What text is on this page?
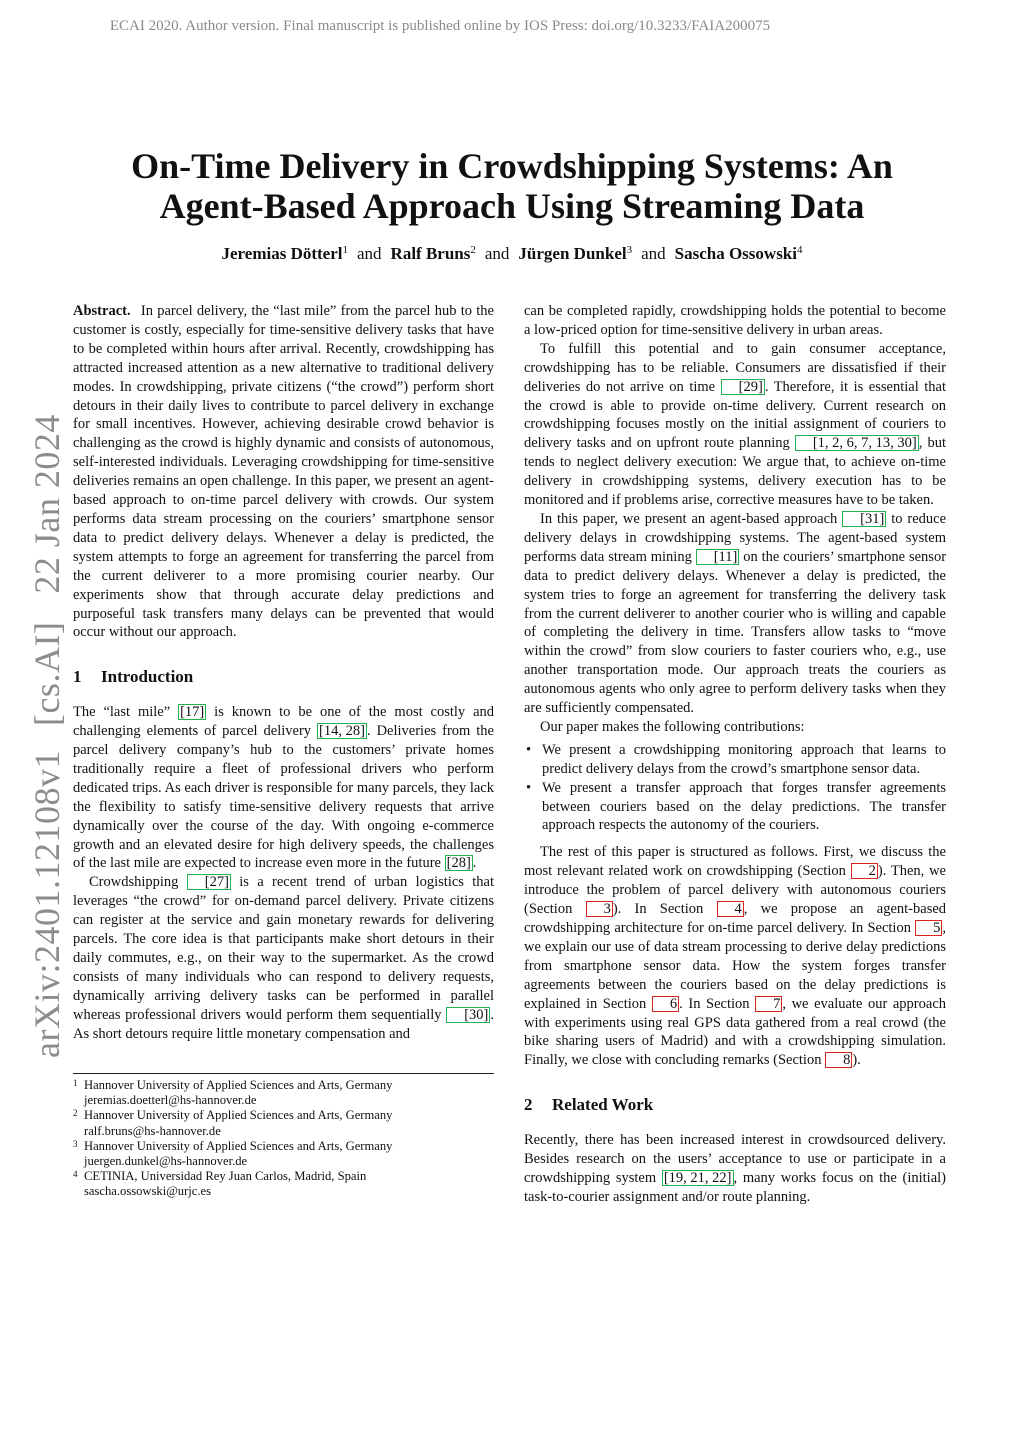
ECAI 2020. Author version. Final manuscript is published online by IOS Press: doi.org/10.3233/FAIA200075
arXiv:2401.12108v1[cs.AI]22 Jan 2024
On-Time Delivery in Crowdshipping Systems: An
Agent-Based Approach Using Streaming Data
Jeremias Dötterl$^1$ and Ralf Bruns$^2$ and Jürgen Dunkel$^3$ and Sascha Ossowski$^4$

Abstract. In parcel delivery, the “last mile” from the parcel hub to the customer is costly, especially for time-sensitive delivery tasks that have to be completed within hours after arrival. Recently, crowdshipping has attracted increased attention as a new alternative to traditional delivery modes. In crowdshipping, private citizens (“the crowd”) perform short detours in their daily lives to contribute to parcel delivery in exchange for small incentives. However, achieving desirable crowd behavior is challenging as the crowd is highly dynamic and consists of autonomous, self-interested individuals. Leveraging crowdshipping for time-sensitive deliveries remains an open challenge. In this paper, we present an agent-based approach to on-time parcel delivery with crowds. Our system performs data stream processing on the couriers’ smartphone sensor data to predict delivery delays. Whenever a delay is predicted, the system attempts to forge an agreement for transferring the parcel from the current deliverer to a more promising courier nearby. Our experiments show that through accurate delay predictions and purposeful task transfers many delays can be prevented that would occur without our approach.

1 Introduction

The “last mile” [17] is known to be one of the most costly and challenging elements of parcel delivery [14, 28] . Deliveries from the parcel delivery company’s hub to the customers’ private homes traditionally require a fleet of professional drivers who perform dedicated trips. As each driver is responsible for many parcels, they lack the flexibility to satisfy time-sensitive delivery requests that arrive dynamically over the course of the day. With ongoing e-commerce growth and an elevated desire for high delivery speeds, the challenges of the last mile are expected to increase even more in the future [28] .

Crowdshipping [27] is a recent trend of urban logistics that leverages “the crowd” for on-demand parcel delivery. Private citizens can register at the service and gain monetary rewards for delivering parcels. The core idea is that participants make short detours in their daily commutes, e.g., on their way to the supermarket. As the crowd consists of many individuals who can respond to delivery requests, dynamically arriving delivery tasks can be performed in parallel whereas professional drivers would perform them sequentially [30] . As short detours require little monetary compensation and

1 Hannover University of Applied Sciences and Arts, Germany
jeremias.doetterl@hs-hannover.de
2 Hannover University of Applied Sciences and Arts, Germany
ralf.bruns@hs-hannover.de
3 Hannover University of Applied Sciences and Arts, Germany
juergen.dunkel@hs-hannover.de
4 CETINIA, Universidad Rey Juan Carlos, Madrid, Spain
sascha.ossowski@urjc.es

can be completed rapidly, crowdshipping holds the potential to become a low-priced option for time-sensitive delivery in urban areas.

To fulfill this potential and to gain consumer acceptance, crowdshipping has to be reliable. Consumers are dissatisfied if their deliveries do not arrive on time [29] . Therefore, it is essential that the crowd is able to provide on-time delivery. Current research on crowdshipping focuses mostly on the initial assignment of couriers to delivery tasks and on upfront route planning [1, 2, 6, 7, 13, 30] , but tends to neglect delivery execution: We argue that, to achieve on-time delivery in crowdshipping systems, delivery execution has to be monitored and if problems arise, corrective measures have to be taken.

In this paper, we present an agent-based approach [31] to reduce delivery delays in crowdshipping systems. The agent-based system performs data stream mining [11] on the couriers’ smartphone sensor data to predict delivery delays. Whenever a delay is predicted, the system tries to forge an agreement for transferring the delivery task from the current deliverer to another courier who is willing and capable of completing the delivery in time. Transfers allow tasks to “move within the crowd” from slow couriers to faster couriers who, e.g., use another transportation mode. Our approach treats the couriers as autonomous agents who only agree to perform delivery tasks when they are sufficiently compensated.

Our paper makes the following contributions:

• We present a crowdshipping monitoring approach that learns to predict delivery delays from the crowd’s smartphone sensor data.
• We present a transfer approach that forges transfer agreements between couriers based on the delay predictions. The transfer approach respects the autonomy of the couriers.

The rest of this paper is structured as follows. First, we discuss the most relevant related work on crowdshipping (Section 2 ). Then, we introduce the problem of parcel delivery with autonomous couriers (Section 3 ). In Section 4 , we propose an agent-based crowdshipping architecture for on-time parcel delivery. In Section 5 , we explain our use of data stream processing to derive delay predictions from smartphone sensor data. How the system forges transfer agreements between the couriers based on the delay predictions is explained in Section 6 . In Section 7 , we evaluate our approach with experiments using real GPS data gathered from a real crowd (the bike sharing users of Madrid) and with a crowdshipping simulation. Finally, we close with concluding remarks (Section 8 ).

2 Related Work

Recently, there has been increased interest in crowdsourced delivery. Besides research on the users’ acceptance to use or participate in a crowdshipping system [19, 21, 22] , many works focus on the (initial) task-to-courier assignment and/or route planning.
